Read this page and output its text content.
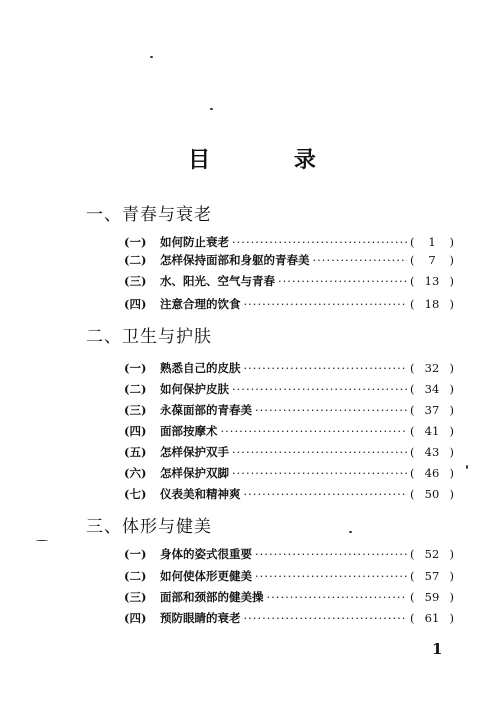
目 录
一、青春与衰老
(一)	如何防止衰老 ·····	(	1	)
(二)	怎样保持面部和身躯的青春美 ·····	(	7	)
(三)	水、阳光、空气与青春 ·····	( 13 )
(四)	注意合理的饮食 ·····	( 18 )
二、卫生与护肤
(一)	熟悉自己的皮肤 ·····	( 32 )
(二)	如何保护皮肤 ·····	( 34 )
(三)	永葆面部的青春美 ·····	( 37 )
(四)	面部按摩术 ·····	( 41 )
(五)	怎样保护双手 ·····	( 43 )
(六)	怎样保护双脚 ·····	( 46 )
(七)	仪表美和精神爽 ·····	( 50 )
三、体形与健美
(一)	身体的姿式很重要 ·····	( 52 )
(二)	如何使体形更健美 ·····	( 57 )
(三)	面部和颈部的健美操 ·····	( 59 )
(四)	预防眼睛的衰老 ·····	( 61 )
1
